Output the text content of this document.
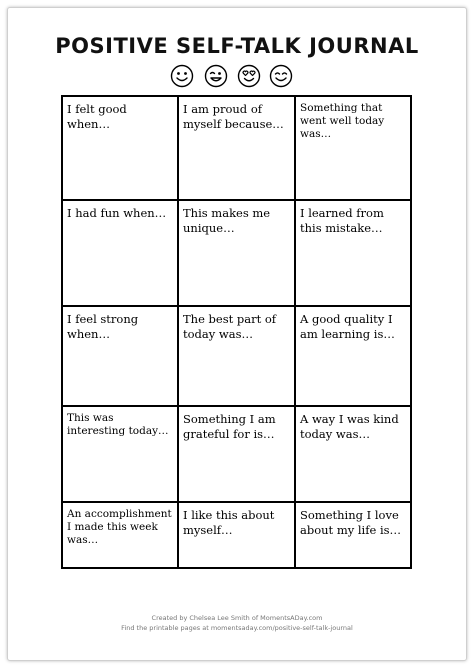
POSITIVE SELF-TALK JOURNAL
I felt good when…
I am proud of myself because…
Something that went well today was…
I had fun when…	This makes me unique…
I learned from this mistake…
I feel strong when…
The best part of today was…
A good quality I am learning is…
This was interesting today…
Something I am grateful for is…
A way I was kind today was…
An accomplishment I made this week was…
I like this about myself…
Something I love about my life is…
Created by Chelsea Lee Smith of MomentsADay.com
Find the printable pages at momentsaday.com/positive-self-talk-journal
